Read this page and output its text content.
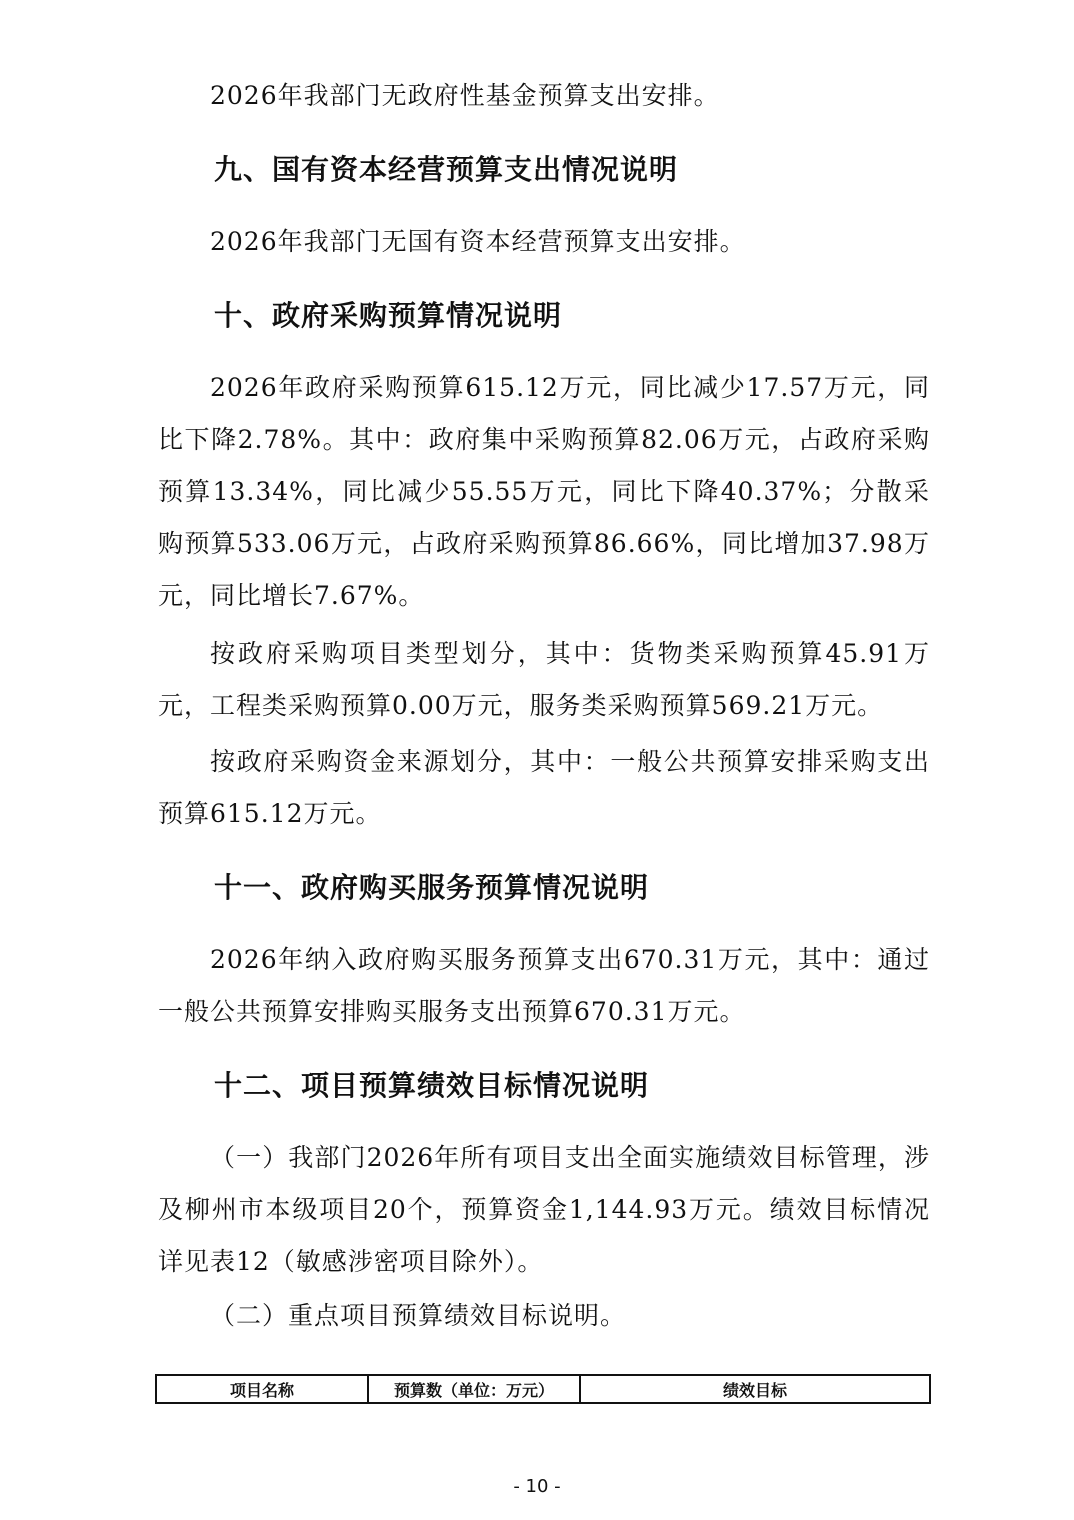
2026年我部门无政府性基金预算支出安排。

九、国有资本经营预算支出情况说明

2026年我部门无国有资本经营预算支出安排。

十、政府采购预算情况说明

2026年政府采购预算615.12万元，同比减少17.57万元，同比下降2.78%。其中：政府集中采购预算82.06万元，占政府采购预算13.34%，同比减少55.55万元，同比下降40.37%；分散采购预算533.06万元，占政府采购预算86.66%，同比增加37.98万元，同比增长7.67%。

按政府采购项目类型划分，其中：货物类采购预算45.91万元，工程类采购预算0.00万元，服务类采购预算569.21万元。

按政府采购资金来源划分，其中：一般公共预算安排采购支出预算615.12万元。

十一、政府购买服务预算情况说明

2026年纳入政府购买服务预算支出670.31万元，其中：通过一般公共预算安排购买服务支出预算670.31万元。

十二、项目预算绩效目标情况说明

（一）我部门2026年所有项目支出全面实施绩效目标管理，涉及柳州市本级项目20个，预算资金1,144.93万元。绩效目标情况详见表12（敏感涉密项目除外）。

（二）重点项目预算绩效目标说明。

项目名称	预算数（单位：万元）	绩效目标
- 10 -
